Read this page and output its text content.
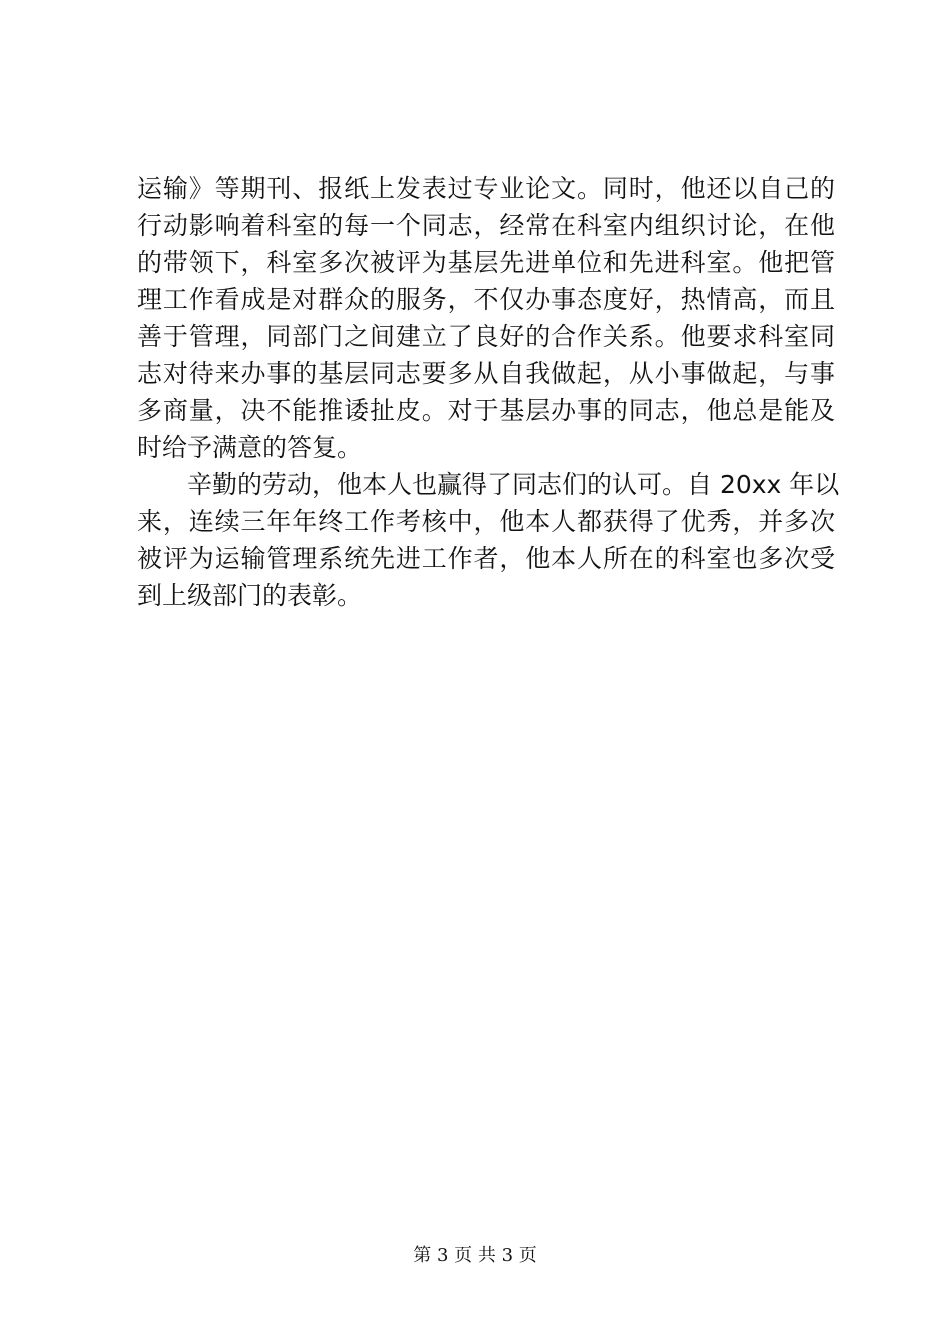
运输》等期刊、报纸上发表过专业论文。同时，他还以自己的
行动影响着科室的每一个同志，经常在科室内组织讨论，在他
的带领下，科室多次被评为基层先进单位和先进科室。他把管
理工作看成是对群众的服务，不仅办事态度好，热情高，而且
善于管理，同部门之间建立了良好的合作关系。他要求科室同
志对待来办事的基层同志要多从自我做起，从小事做起，与事
多商量，决不能推诿扯皮。对于基层办事的同志，他总是能及
时给予满意的答复。
辛勤的劳动，他本人也赢得了同志们的认可。自 20xx 年以
来，连续三年年终工作考核中，他本人都获得了优秀，并多次
被评为运输管理系统先进工作者，他本人所在的科室也多次受
到上级部门的表彰。
第 3 页 共 3 页
